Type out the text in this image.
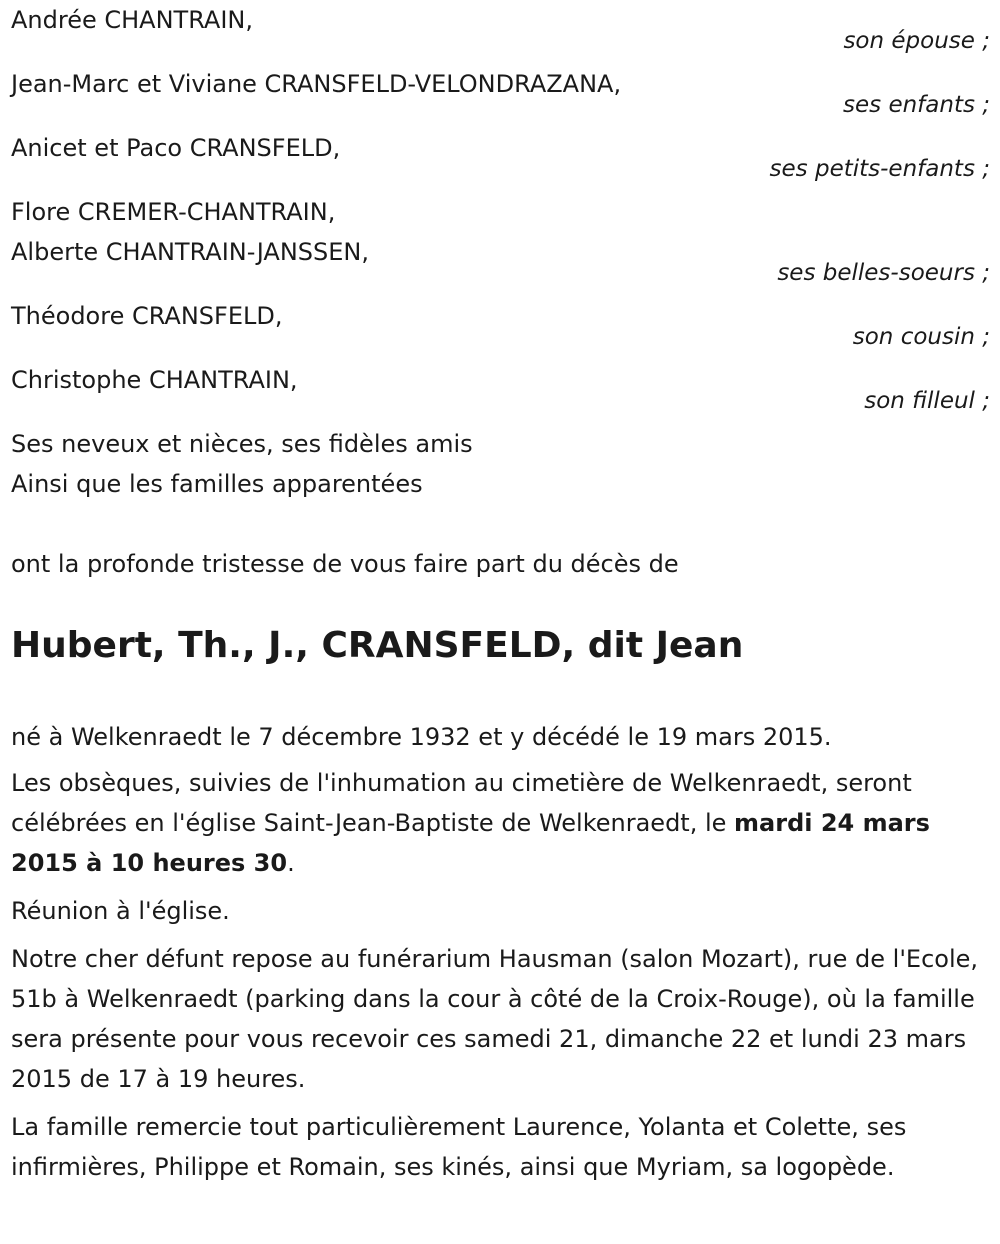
Andrée CHANTRAIN,
son épouse ;
Jean-Marc et Viviane CRANSFELD-VELONDRAZANA,
ses enfants ;
Anicet et Paco CRANSFELD,
ses petits-enfants ;
Flore CREMER-CHANTRAIN,
Alberte CHANTRAIN-JANSSEN,
ses belles-soeurs ;
Théodore CRANSFELD,
son cousin ;
Christophe CHANTRAIN,
son filleul ;
Ses neveux et nièces, ses fidèles amis
Ainsi que les familles apparentées
ont la profonde tristesse de vous faire part du décès de
Hubert, Th., J., CRANSFELD, dit Jean
né à Welkenraedt le 7 décembre 1932 et y décédé le 19 mars 2015.
Les obsèques, suivies de l'inhumation au cimetière de Welkenraedt, seront célébrées en l'église Saint-Jean-Baptiste de Welkenraedt, le mardi 24 mars 2015 à 10 heures 30.
Réunion à l'église.
Notre cher défunt repose au funérarium Hausman (salon Mozart), rue de l'Ecole, 51b à Welkenraedt (parking dans la cour à côté de la Croix-Rouge), où la famille sera présente pour vous recevoir ces samedi 21, dimanche 22 et lundi 23 mars 2015 de 17 à 19 heures.
La famille remercie tout particulièrement Laurence, Yolanta et Colette, ses infirmières, Philippe et Romain, ses kinés, ainsi que Myriam, sa logopède.
